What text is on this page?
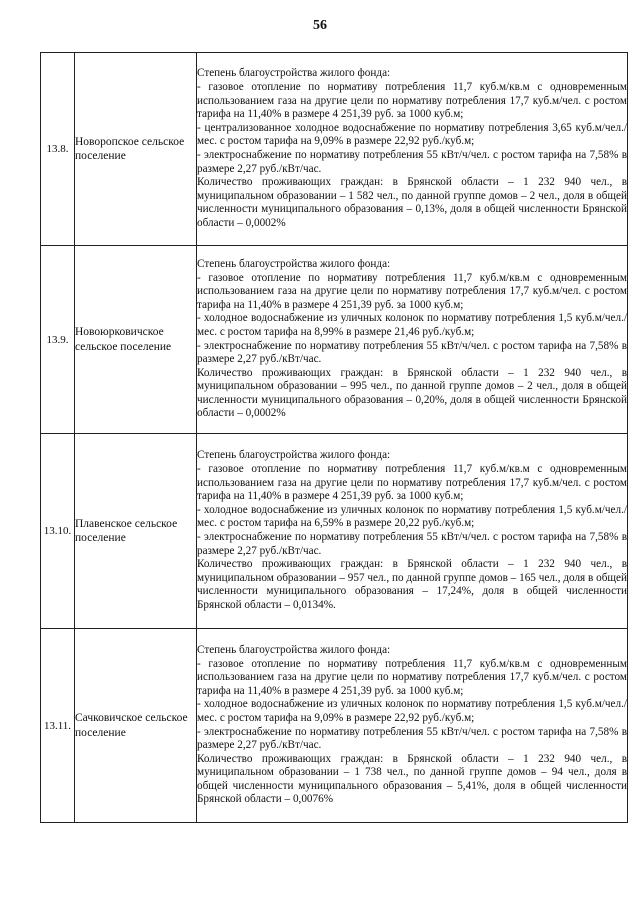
56
13.8.	Новоропское сельское поселение	Степень благоустройства жилого фонда:

- газовое отопление по нормативу потребления 11,7 куб.м/кв.м с одновременным использованием газа на другие цели по нормативу потребления 17,7 куб.м/чел. с ростом тарифа на 11,40% в размере 4 251,39 руб. за 1000 куб.м;

- централизованное холодное водоснабжение по нормативу потребления 3,65 куб.м/чел./мес. с ростом тарифа на 9,09% в размере 22,92 руб./куб.м;

- электроснабжение по нормативу потребления 55 кВт/ч/чел. с ростом тарифа на 7,58% в размере 2,27 руб./кВт/час.

Количество проживающих граждан: в Брянской области – 1 232 940 чел., в муниципальном образовании – 1 582 чел., по данной группе домов – 2 чел., доля в общей численности муниципального образования – 0,13%, доля в общей численности Брянской области – 0,0002%

13.9.	Новоюрковичское сельское поселение	Степень благоустройства жилого фонда:

- газовое отопление по нормативу потребления 11,7 куб.м/кв.м с одновременным использованием газа на другие цели по нормативу потребления 17,7 куб.м/чел. с ростом тарифа на 11,40% в размере 4 251,39 руб. за 1000 куб.м;

- холодное водоснабжение из уличных колонок по нормативу потребления 1,5 куб.м/чел./мес. с ростом тарифа на 8,99% в размере 21,46 руб./куб.м;

- электроснабжение по нормативу потребления 55 кВт/ч/чел. с ростом тарифа на 7,58% в размере 2,27 руб./кВт/час.

Количество проживающих граждан: в Брянской области – 1 232 940 чел., в муниципальном образовании – 995 чел., по данной группе домов – 2 чел., доля в общей численности муниципального образования – 0,20%, доля в общей численности Брянской области – 0,0002%

13.10.	Плавенское сельское поселение	Степень благоустройства жилого фонда:

- газовое отопление по нормативу потребления 11,7 куб.м/кв.м с одновременным использованием газа на другие цели по нормативу потребления 17,7 куб.м/чел. с ростом тарифа на 11,40% в размере 4 251,39 руб. за 1000 куб.м;

- холодное водоснабжение из уличных колонок по нормативу потребления 1,5 куб.м/чел./мес. с ростом тарифа на 6,59% в размере 20,22 руб./куб.м;

- электроснабжение по нормативу потребления 55 кВт/ч/чел. с ростом тарифа на 7,58% в размере 2,27 руб./кВт/час.

Количество проживающих граждан: в Брянской области – 1 232 940 чел., в муниципальном образовании – 957 чел., по данной группе домов – 165 чел., доля в общей численности муниципального образования – 17,24%, доля в общей численности Брянской области – 0,0134%.

13.11.	Сачковичское сельское поселение	Степень благоустройства жилого фонда:

- газовое отопление по нормативу потребления 11,7 куб.м/кв.м с одновременным использованием газа на другие цели по нормативу потребления 17,7 куб.м/чел. с ростом тарифа на 11,40% в размере 4 251,39 руб. за 1000 куб.м;

- холодное водоснабжение из уличных колонок по нормативу потребления 1,5 куб.м/чел./мес. с ростом тарифа на 9,09% в размере 22,92 руб./куб.м;

- электроснабжение по нормативу потребления 55 кВт/ч/чел. с ростом тарифа на 7,58% в размере 2,27 руб./кВт/час.

Количество проживающих граждан: в Брянской области – 1 232 940 чел., в муниципальном образовании – 1 738 чел., по данной группе домов – 94 чел., доля в общей численности муниципального образования – 5,41%, доля в общей численности Брянской области – 0,0076%
